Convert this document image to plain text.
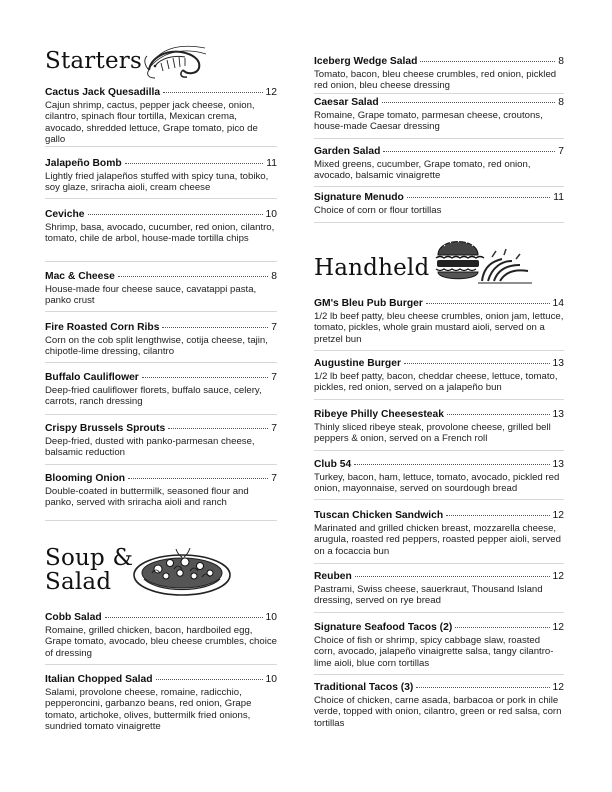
Starters
Cactus Jack Quesadilla	12
Cajun shrimp, cactus, pepper jack cheese, onion, cilantro, spinach flour tortilla, Mexican crema, avocado, shredded lettuce, Grape tomato, pico de gallo
Jalapeño Bomb	11
Lightly fried jalapeños stuffed with spicy tuna, tobiko, soy glaze, sriracha aioli, cream cheese
Ceviche	10
Shrimp, basa, avocado, cucumber, red onion, cilantro, tomato, chile de arbol, house-made tortilla chips
Mac & Cheese	8
House-made four cheese sauce, cavatappi pasta, panko crust
Fire Roasted Corn Ribs	7
Corn on the cob split lengthwise, cotija cheese, tajin, chipotle-lime dressing, cilantro
Buffalo Cauliflower	7
Deep-fried cauliflower florets, buffalo sauce, celery, carrots, ranch dressing
Crispy Brussels Sprouts	7
Deep-fried, dusted with panko-parmesan cheese, balsamic reduction
Blooming Onion	7
Double-coated in buttermilk, seasoned flour and panko, served with sriracha aioli and ranch
Soup &
Salad
Cobb Salad	10
Romaine, grilled chicken, bacon, hardboiled egg, Grape tomato, avocado, bleu cheese crumbles, choice of dressing
Italian Chopped Salad	10
Salami, provolone cheese, romaine, radicchio, pepperoncini, garbanzo beans, red onion, Grape tomato, artichoke, olives, buttermilk fried onions, sundried tomato vinaigrette
Iceberg Wedge Salad	8
Tomato, bacon, bleu cheese crumbles, red onion, pickled red onion, bleu cheese dressing
Caesar Salad	8
Romaine, Grape tomato, parmesan cheese, croutons, house-made Caesar dressing
Garden Salad	7
Mixed greens, cucumber, Grape tomato, red onion, avocado, balsamic vinaigrette
Signature Menudo	11
Choice of corn or flour tortillas
Handheld
GM's Bleu Pub Burger	14
1/2 lb beef patty, bleu cheese crumbles, onion jam, lettuce, tomato, pickles, whole grain mustard aioli, served on a pretzel bun
Augustine Burger	13
1/2 lb beef patty, bacon, cheddar cheese, lettuce, tomato, pickles, red onion, served on a jalapeño bun
Ribeye Philly Cheesesteak	13
Thinly sliced ribeye steak, provolone cheese, grilled bell peppers & onion, served on a French roll
Club 54	13
Turkey, bacon, ham, lettuce, tomato, avocado, pickled red onion, mayonnaise, served on sourdough bread
Tuscan Chicken Sandwich	12
Marinated and grilled chicken breast, mozzarella cheese, arugula, roasted red peppers, roasted pepper aioli, served on a focaccia bun
Reuben	12
Pastrami, Swiss cheese, sauerkraut, Thousand Island dressing, served on rye bread
Signature Seafood Tacos (2)	12
Choice of fish or shrimp, spicy cabbage slaw, roasted corn, avocado, jalapeño vinaigrette salsa, tangy cilantro-lime aioli, blue corn tortillas
Traditional Tacos (3)	12
Choice of chicken, carne asada, barbacoa or pork in chile verde, topped with onion, cilantro, green or red salsa, corn tortillas
